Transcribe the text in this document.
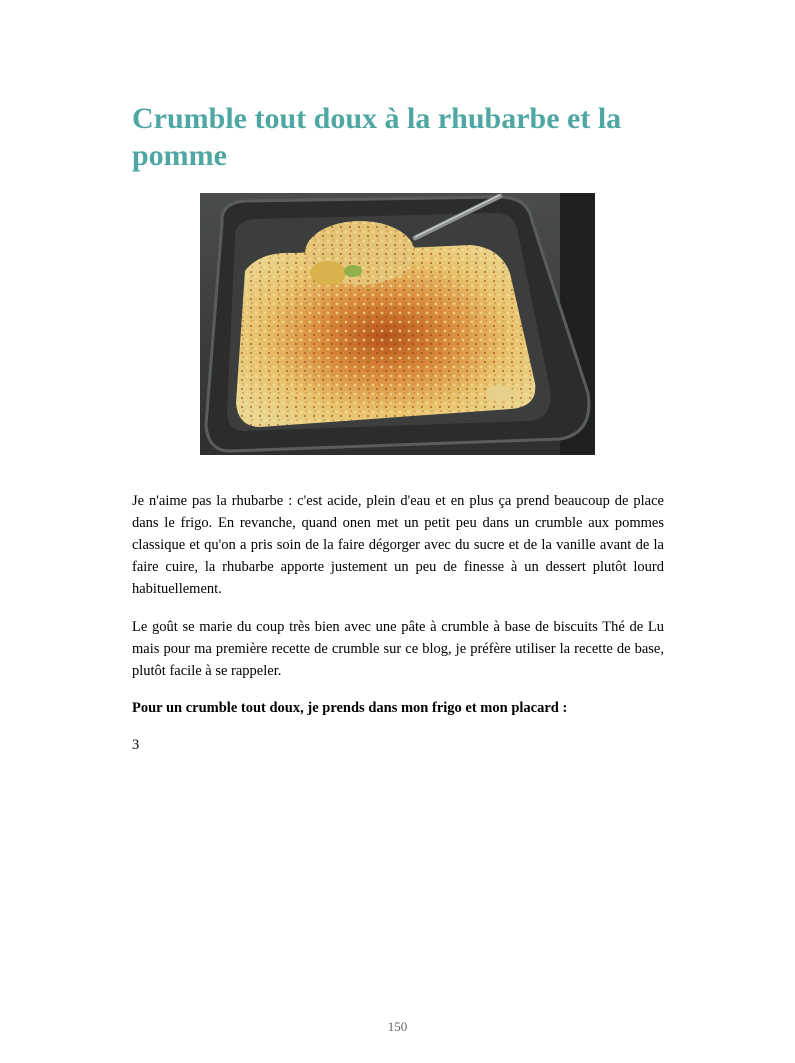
Crumble tout doux à la rhubarbe et la pomme

Je n'aime pas la rhubarbe : c'est acide, plein d'eau et en plus ça prend beaucoup de place dans le frigo. En revanche, quand onen met un petit peu dans un crumble aux pommes classique et qu'on a pris soin de la faire dégorger avec du sucre et de la vanille avant de la faire cuire, la rhubarbe apporte justement un peu de finesse à un dessert plutôt lourd habituellement.

Le goût se marie du coup très bien avec une pâte à crumble à base de biscuits Thé de Lu mais pour ma première recette de crumble sur ce blog, je préfère utiliser la recette de base, plutôt facile à se rappeler.

Pour un crumble tout doux, je prends dans mon frigo et mon placard :

3

150
